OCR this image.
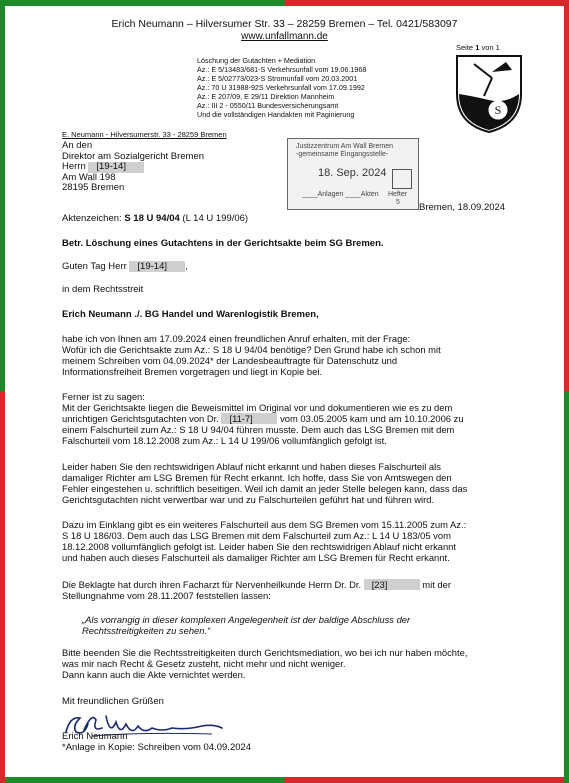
Erich Neumann – Hilversumer Str. 33 – 28259 Bremen – Tel. 0421/583097
www.unfallmann.de
Löschung der Gutachten + Mediation
Az.: E 5/13483/681-S Verkehrsunfall vom 19.06.1968
Az.: E 5/02773/023-S Stromunfall vom 20.03.2001
Az.: 70 U 31988-92S Verkehrsunfall vom 17.09.1992
Az.: E 207/09, E 29/11 Direktion Mannheim
Az.: III 2 - 0550/11 Bundesversicherungsamt
Und die vollständigen Handakten mit Paginierung
Seite 1 von 1
S
E. Neumann - Hilversumerstr. 33 - 28259 Bremen
An den
Direktor am Sozialgericht Bremen
Herrn [19-14]
Am Wall 198
28195 Bremen
Justizzentrum Am Wall Bremen
-gemeinsame Eingangsstelle-
18. Sep. 2024
____Anlagen ____Akten Hefter
5 Bremen, 18.09.2024
Aktenzeichen: S 18 U 94/04 (L 14 U 199/06)
Betr. Löschung eines Gutachtens in der Gerichtsakte beim SG Bremen.
Guten Tag Herr [19-14] ,
in dem Rechtsstreit
Erich Neumann ./. BG Handel und Warenlogistik Bremen,
habe ich von Ihnen am 17.09.2024 einen freundlichen Anruf erhalten, mit der Frage:
Wofür ich die Gerichtsakte zum Az.: S 18 U 94/04 benötige? Den Grund habe ich schon mit
meinem Schreiben vom 04.09.2024* der Landesbeauftragte für Datenschutz und
Informationsfreiheit Bremen vorgetragen und liegt in Kopie bei.
Ferner ist zu sagen:
Mit der Gerichtsakte liegen die Beweismittel im Original vor und dokumentieren wie es zu dem
unrichtigen Gerichtsgutachten von Dr. [11-7]	vom 03.05.2005 kam und am 10.10.2006 zu
einem Falschurteil zum Az.: S 18 U 94/04 führen musste. Dem auch das LSG Bremen mit dem
Falschurteil vom 18.12.2008 zum Az.: L 14 U 199/06 vollumfänglich gefolgt ist.
Leider haben Sie den rechtswidrigen Ablauf nicht erkannt und haben dieses Falschurteil als
damaliger Richter am LSG Bremen für Recht erkannt. Ich hoffe, dass Sie von Amtswegen den
Fehler eingestehen u. schriftlich beseitigen. Weil ich damit an jeder Stelle belegen kann, dass das
Gerichtsgutachten nicht verwertbar war und zu Falschurteilen geführt hat und führen wird.
Dazu im Einklang gibt es ein weiteres Falschurteil aus dem SG Bremen vom 15.11.2005 zum Az.:
S 18 U 186/03. Dem auch das LSG Bremen mit dem Falschurteil zum Az.: L 14 U 183/05 vom
18.12.2008 vollumfänglich gefolgt ist. Leider haben Sie den rechtswidrigen Ablauf nicht erkannt
und haben auch dieses Falschurteil als damaliger Richter am LSG Bremen für Recht erkannt.
Die Beklagte hat durch ihren Facharzt für Nervenheilkunde Herrn Dr. Dr. [23]	mit der
Stellungnahme vom 28.11.2007 feststellen lassen:
„Als vorrangig in dieser komplexen Angelegenheit ist der baldige Abschluss der
Rechtsstreitigkeiten zu sehen.“
Bitte beenden Sie die Rechtsstreitigkeiten durch Gerichtsmediation, wo bei ich nur haben möchte,
was mir nach Recht & Gesetz zusteht, nicht mehr und nicht weniger.
Dann kann auch die Akte vernichtet werden.
Mit freundlichen Grüßen
Erich Neumann
*Anlage in Kopie: Schreiben vom 04.09.2024
